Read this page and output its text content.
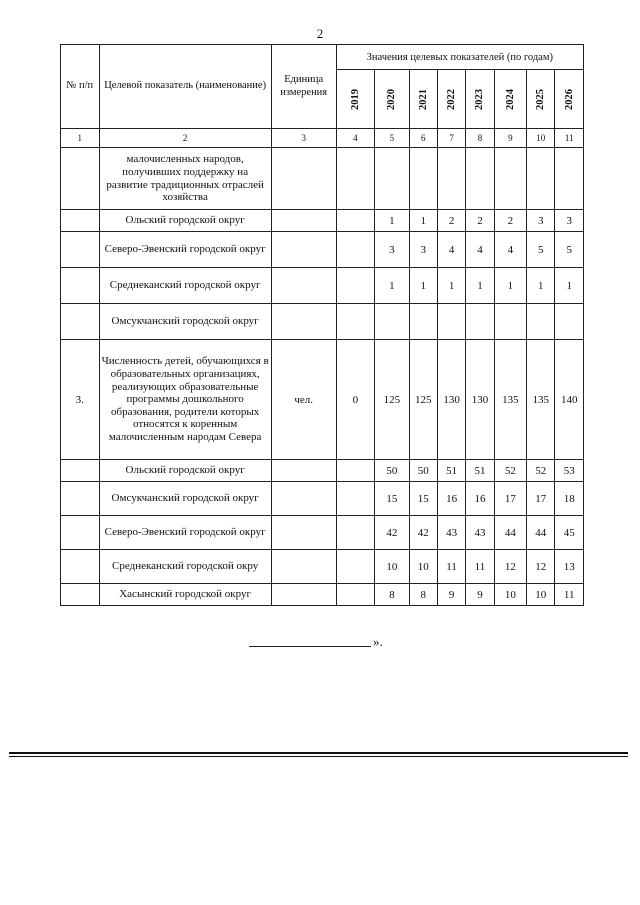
2
№ п/п	Целевой показатель (наименование)	Единица измерения	Значения целевых показателей (по годам)							
			2019	2020	2021	2022	2023	2024	2025	2026
1	2	3	4	5	6	7	8	9	10	11
	малочисленных народов, получивших поддержку на развитие традиционных отраслей хозяйства									
	Ольский городской округ			1	1	2	2	2	3	3
	Северо-Эвенский городской округ			3	3	4	4	4	5	5
	Среднеканский городской округ			1	1	1	1	1	1	1
	Омсукчанский городской округ									
3.	Численность детей, обучающихся в образовательных организациях, реализующих образовательные программы дошкольного образования, родители которых относятся к коренным малочисленным народам Севера	чел.	0	125	125	130	130	135	135	140
	Ольский городской округ			50	50	51	51	52	52	53
	Омсукчанский городской округ			15	15	16	16	17	17	18
	Северо-Эвенский городской округ			42	42	43	43	44	44	45
	Среднеканский городской окру			10	10	11	11	12	12	13
	Хасынский городской округ			8	8	9	9	10	10	11
».
